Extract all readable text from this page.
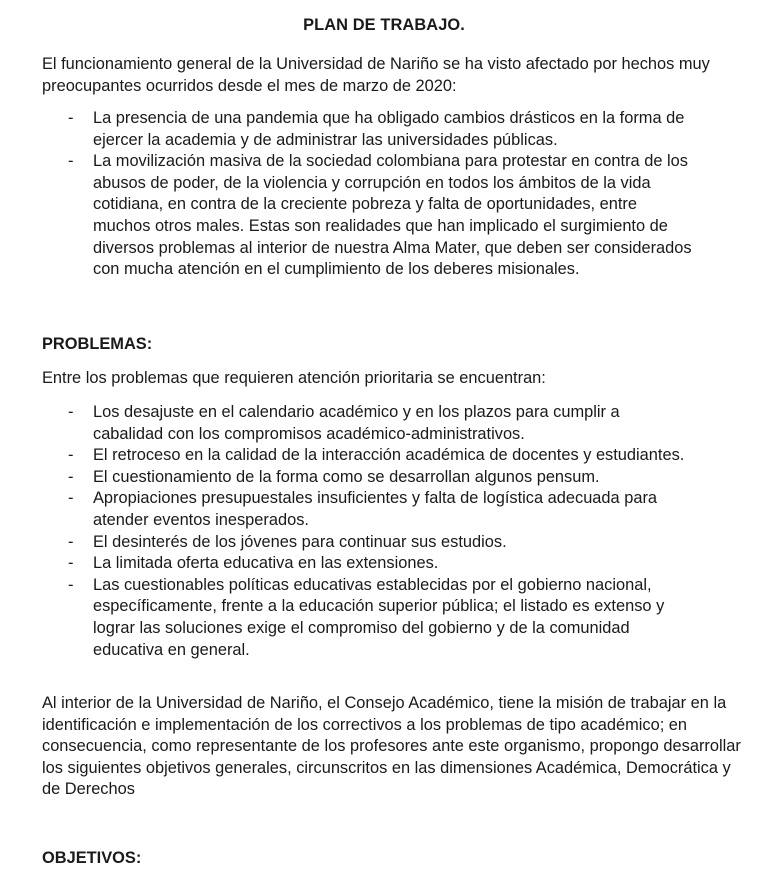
PLAN DE TRABAJO.

El funcionamiento general de la Universidad de Nariño se ha visto afectado por hechos muy preocupantes ocurridos desde el mes de marzo de 2020:

- La presencia de una pandemia que ha obligado cambios drásticos en la forma de ejercer la academia y de administrar las universidades públicas.
- La movilización masiva de la sociedad colombiana para protestar en contra de los abusos de poder, de la violencia y corrupción en todos los ámbitos de la vida cotidiana, en contra de la creciente pobreza y falta de oportunidades, entre muchos otros males. Estas son realidades que han implicado el surgimiento de diversos problemas al interior de nuestra Alma Mater, que deben ser considerados con mucha atención en el cumplimiento de los deberes misionales.
PROBLEMAS:

Entre los problemas que requieren atención prioritaria se encuentran:

- Los desajuste en el calendario académico y en los plazos para cumplir a cabalidad con los compromisos académico-administrativos.
- El retroceso en la calidad de la interacción académica de docentes y estudiantes.
- El cuestionamiento de la forma como se desarrollan algunos pensum.
- Apropiaciones presupuestales insuficientes y falta de logística adecuada para atender eventos inesperados.
- El desinterés de los jóvenes para continuar sus estudios.
- La limitada oferta educativa en las extensiones.
- Las cuestionables políticas educativas establecidas por el gobierno nacional, específicamente, frente a la educación superior pública; el listado es extenso y lograr las soluciones exige el compromiso del gobierno y de la comunidad educativa en general.

Al interior de la Universidad de Nariño, el Consejo Académico, tiene la misión de trabajar en la identificación e implementación de los correctivos a los problemas de tipo académico; en consecuencia, como representante de los profesores ante este organismo, propongo desarrollar los siguientes objetivos generales, circunscritos en las dimensiones Académica, Democrática y de Derechos

OBJETIVOS:
